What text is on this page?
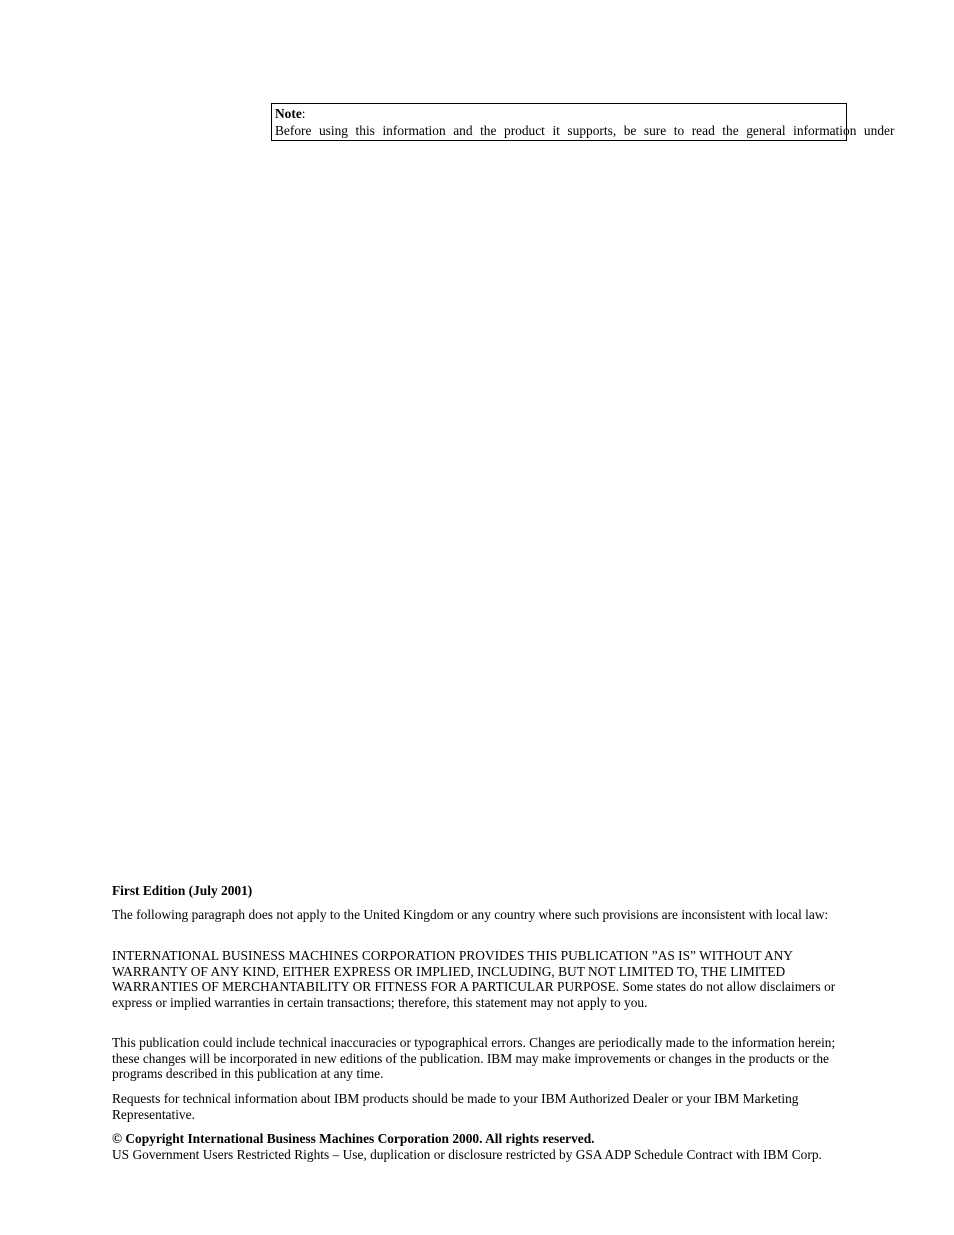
Note:
Before using this information and the product it supports, be sure to read the general information under
First Edition (July 2001)

The following paragraph does not apply to the United Kingdom or any country where such provisions are inconsistent with local law:

INTERNATIONAL BUSINESS MACHINES CORPORATION PROVIDES THIS PUBLICATION ”AS IS” WITHOUT ANY WARRANTY OF ANY KIND, EITHER EXPRESS OR IMPLIED, INCLUDING, BUT NOT LIMITED TO, THE LIMITED WARRANTIES OF MERCHANTABILITY OR FITNESS FOR A PARTICULAR PURPOSE. Some states do not allow disclaimers or express or implied warranties in certain transactions; therefore, this statement may not apply to you.

This publication could include technical inaccuracies or typographical errors. Changes are periodically made to the information herein; these changes will be incorporated in new editions of the publication. IBM may make improvements or changes in the products or the programs described in this publication at any time.

Requests for technical information about IBM products should be made to your IBM Authorized Dealer or your IBM Marketing Representative.

© Copyright International Business Machines Corporation 2000. All rights reserved.
US Government Users Restricted Rights – Use, duplication or disclosure restricted by GSA ADP Schedule Contract with IBM Corp.
